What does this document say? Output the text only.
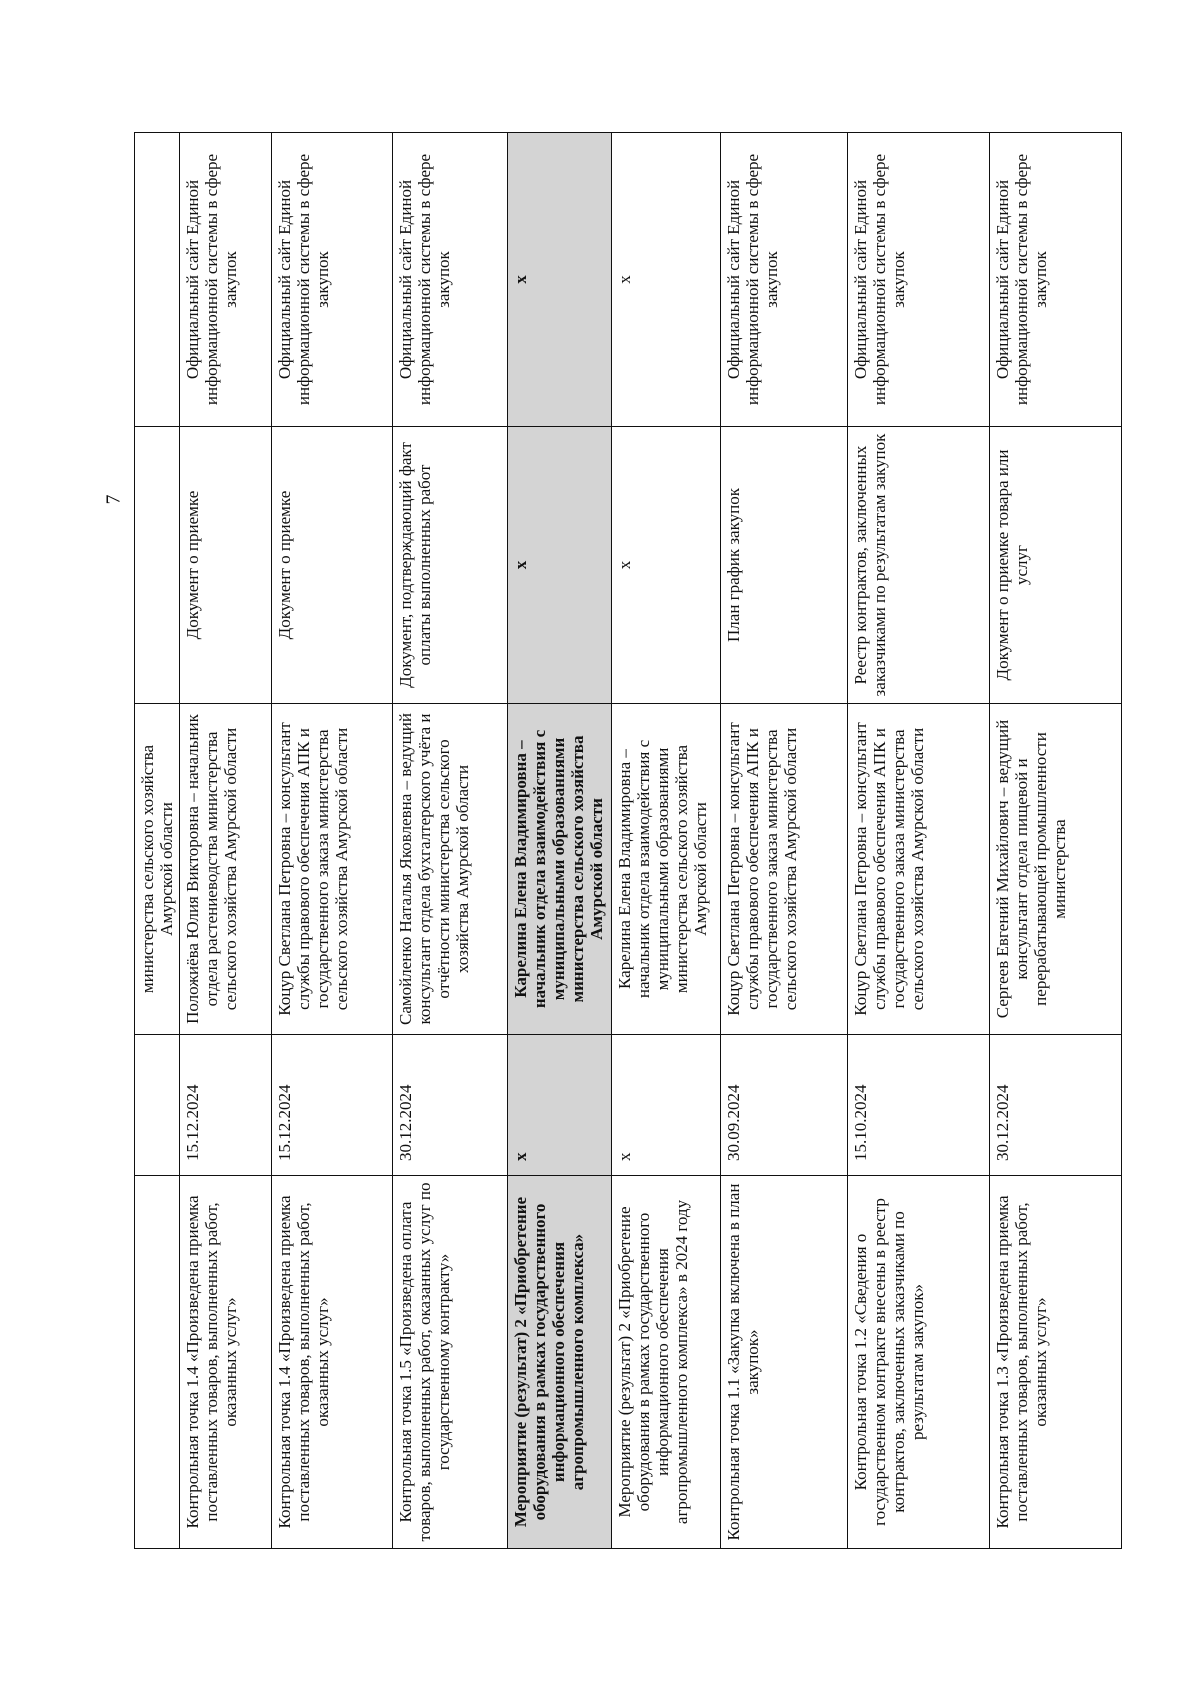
7
		министерства сельского хозяйства Амурской области		
Контрольная точка 1.4 «Произведена приемка поставленных товаров, выполненных работ, оказанных услуг»	15.12.2024	Положиёва Юлия Викторовна – начальник отдела растениеводства министерства сельского хозяйства Амурской области	Документ о приемке	Официальный сайт Единой информационной системы в сфере закупок
Контрольная точка 1.4 «Произведена приемка поставленных товаров, выполненных работ, оказанных услуг»	15.12.2024	Коцур Светлана Петровна – консультант службы правового обеспечения АПК и государственного заказа министерства сельского хозяйства Амурской области	Документ о приемке	Официальный сайт Единой информационной системы в сфере закупок
Контрольная точка 1.5 «Произведена оплата товаров, выполненных работ, оказанных услуг по государственному контракту»	30.12.2024	Самойленко Наталья Яковлевна – ведущий консультант отдела бухгалтерского учёта и отчётности министерства сельского хозяйства Амурской области	Документ, подтверждающий факт оплаты выполненных работ	Официальный сайт Единой информационной системы в сфере закупок
Мероприятие (результат) 2 «Приобретение оборудования в рамках государственного информационного обеспечения агропромышленного комплекса»	х	Карелина Елена Владимировна – начальник отдела взаимодействия с муниципальными образованиями министерства сельского хозяйства Амурской области	х	х
Мероприятие (результат) 2 «Приобретение оборудования в рамках государственного информационного обеспечения агропромышленного комплекса» в 2024 году	х	Карелина Елена Владимировна – начальник отдела взаимодействия с муниципальными образованиями министерства сельского хозяйства Амурской области	х	х
Контрольная точка 1.1 «Закупка включена в план закупок»	30.09.2024	Коцур Светлана Петровна – консультант службы правового обеспечения АПК и государственного заказа министерства сельского хозяйства Амурской области	План график закупок	Официальный сайт Единой информационной системы в сфере закупок
Контрольная точка 1.2 «Сведения о государственном контракте внесены в реестр контрактов, заключенных заказчиками по результатам закупок»	15.10.2024	Коцур Светлана Петровна – консультант службы правового обеспечения АПК и государственного заказа министерства сельского хозяйства Амурской области	Реестр контрактов, заключенных заказчиками по результатам закупок	Официальный сайт Единой информационной системы в сфере закупок
Контрольная точка 1.3 «Произведена приемка поставленных товаров, выполненных работ, оказанных услуг»	30.12.2024	Сергеев Евгений Михайлович – ведущий консультант отдела пищевой и перерабатывающей промышленности министерства	Документ о приемке товара или услуг	Официальный сайт Единой информационной системы в сфере закупок
